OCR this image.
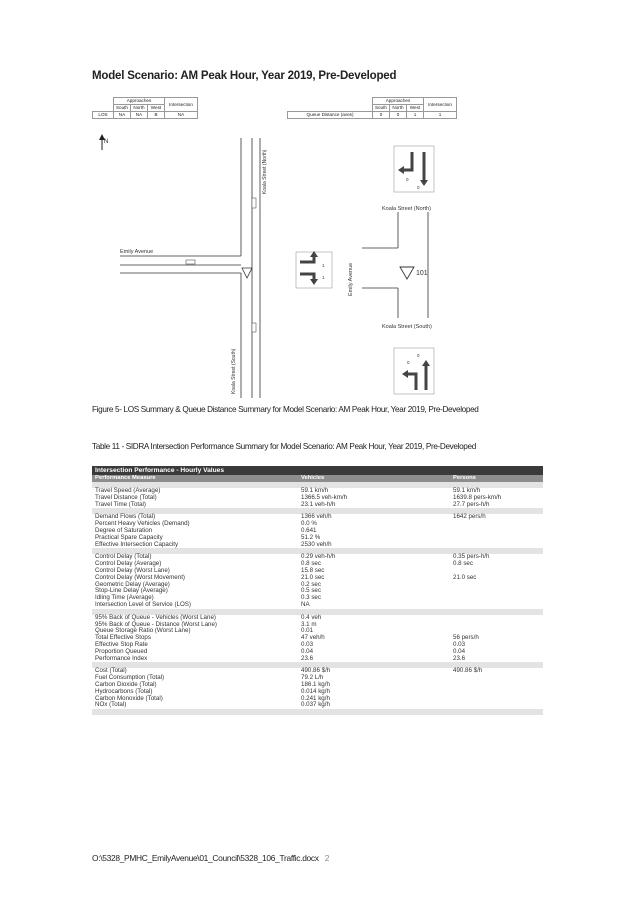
Model Scenario: AM Peak Hour, Year 2019, Pre-Developed
	Approaches			Intersection
	South	North	West	
LOS	NA	NA	B	NA
	Approaches			Intersection
	South	North	West	
Queue Distance (aves)	0	0	1	1
N
Emily Avenue
Koala Street (North)
Koala Street (South)
101
Koala Street (North)
Koala Street (South)
Emily Avenue
0
0
1
1
0
0
Figure 5- LOS Summary & Queue Distance Summary for Model Scenario: AM Peak Hour, Year 2019, Pre-Developed
Table 11 - SIDRA Intersection Performance Summary for Model Scenario: AM Peak Hour, Year 2019, Pre-Developed
Intersection Performance - Hourly Values
Performance Measure	Vehicles	Persons
Travel Speed (Average)	59.1 km/h	59.1 km/h
Travel Distance (Total)	1366.5 veh-km/h	1639.8 pers-km/h
Travel Time (Total)	23.1 veh-h/h	27.7 pers-h/h
Demand Flows (Total)	1366 veh/h	1642 pers/h
Percent Heavy Vehicles (Demand)	0.0 %
Degree of Saturation	0.641
Practical Spare Capacity	51.2 %
Effective Intersection Capacity	2530 veh/h
Control Delay (Total)	0.29 veh-h/h	0.35 pers-h/h
Control Delay (Average)	0.8 sec	0.8 sec
Control Delay (Worst Lane)	15.8 sec
Control Delay (Worst Movement)	21.0 sec	21.0 sec
Geometric Delay (Average)	0.2 sec
Stop-Line Delay (Average)	0.5 sec
Idling Time (Average)	0.3 sec
Intersection Level of Service (LOS)	NA
95% Back of Queue - Vehicles (Worst Lane)	0.4 veh
95% Back of Queue - Distance (Worst Lane)	3.1 m
Queue Storage Ratio (Worst Lane)	0.01
Total Effective Stops	47 veh/h	56 pers/h
Effective Stop Rate	0.03	0.03
Proportion Queued	0.04	0.04
Performance Index	23.6	23.6
Cost (Total)	490.86 $/h	490.86 $/h
Fuel Consumption (Total)	79.2 L/h
Carbon Dioxide (Total)	186.1 kg/h
Hydrocarbons (Total)	0.014 kg/h
Carbon Monoxide (Total)	0.241 kg/h
NOx (Total)	0.037 kg/h
O:\5328_PMHC_EmilyAvenue\01_Council\5328_106_Traffic.docx 2
